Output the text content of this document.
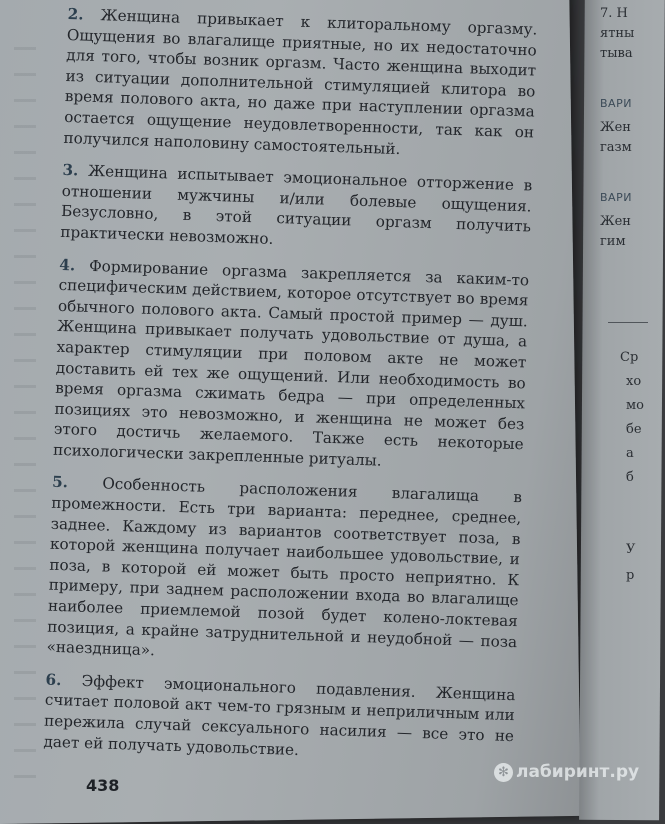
2. Женщина привыкает к клиторальному оргазму. Ощущения во влагалище приятные, но их недостаточно для того, чтобы возник оргазм. Часто женщина выходит из ситуации дополнительной стимуляцией клитора во время полового акта, но даже при наступлении оргазма остается ощущение неудовлетворенности, так как он получился наполовину самостоятельный.

3. Женщина испытывает эмоциональное отторжение в отношении мужчины и/или болевые ощущения. Безусловно, в этой ситуации оргазм получить практически невозможно.

4. Формирование оргазма закрепляется за каким-то специфическим действием, которое отсутствует во время обычного полового акта. Самый простой пример — душ. Женщина привыкает получать удовольствие от душа, а характер стимуляции при половом акте не может доставить ей тех же ощущений. Или необходимость во время оргазма сжимать бедра — при определенных позициях это невозможно, и женщина не может без этого достичь желаемого. Также есть некоторые психологически закрепленные ритуалы.

5. Особенность расположения влагалища в промежности. Есть три варианта: переднее, среднее, заднее. Каждому из вариантов соответствует поза, в которой женщина получает наибольшее удовольствие, и поза, в которой ей может быть просто неприятно. К примеру, при заднем расположении входа во влагалище наиболее приемлемой позой будет колено-локтевая позиция, а крайне затруднительной и неудобной — поза «наездница».

6. Эффект эмоционального подавления. Женщина считает половой акт чем-то грязным и неприличным или пережила случай сексуального насилия — все это не дает ей получать удовольствие.

438
7. Н
ятны
тыва
ВАРИ
Жен
газм
ВАРИ
Жен
гим
Ср
хо
мо
бе
а
б
У
р
✻ лабиринт.ру
